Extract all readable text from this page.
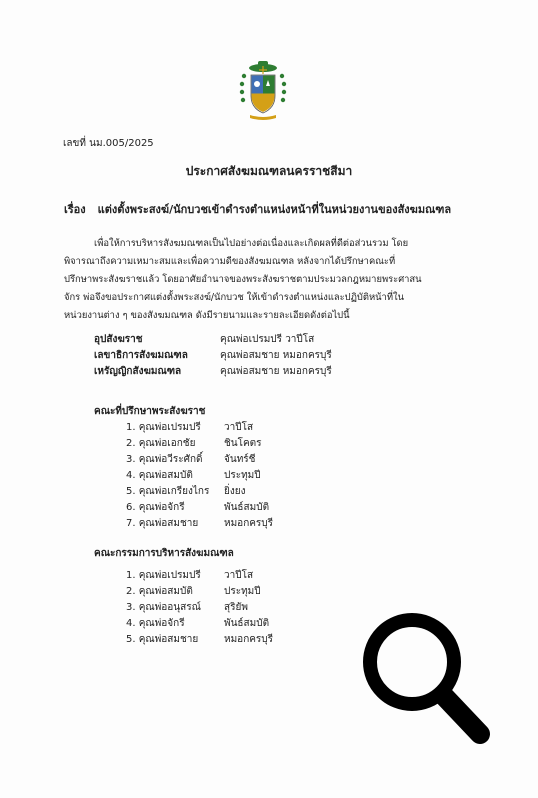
เลขที่ นม.005/2025
ประกาศสังฆมณฑลนครราชสีมา
เรื่อง แต่งตั้งพระสงฆ์/นักบวชเข้าดำรงตำแหน่งหน้าที่ในหน่วยงานของสังฆมณฑล
เพื่อให้การบริหารสังฆมณฑลเป็นไปอย่างต่อเนื่องและเกิดผลที่ดีต่อส่วนรวม โดย
พิจารณาถึงความเหมาะสมและเพื่อความดีของสังฆมณฑล หลังจากได้ปรึกษาคณะที่
ปรึกษาพระสังฆราชแล้ว โดยอาศัยอำนาจของพระสังฆราชตามประมวลกฎหมายพระศาสน
จักร พ่อจึงขอประกาศแต่งตั้งพระสงฆ์/นักบวช ให้เข้าดำรงตำแหน่งและปฏิบัติหน้าที่ใน
หน่วยงานต่าง ๆ ของสังฆมณฑล ดังมีรายนามและรายละเอียดดังต่อไปนี้
อุปสังฆราช	คุณพ่อเปรมปรี วาปีโส
เลขาธิการสังฆมณฑล	คุณพ่อสมชาย หมอกครบุรี
เหรัญญิกสังฆมณฑล	คุณพ่อสมชาย หมอกครบุรี
คณะที่ปรึกษาพระสังฆราช
1. คุณพ่อเปรมปรี วาปีโส
2. คุณพ่อเอกชัย	ชินโคตร
3. คุณพ่อวีระศักดิ์ จันทร์ชี
4. คุณพ่อสมบัติ	ประทุมปี
5. คุณพ่อเกรียงไกร ยิ่งยง
6. คุณพ่อจักรี	พันธ์สมบัติ
7. คุณพ่อสมชาย	หมอกครบุรี
คณะกรรมการบริหารสังฆมณฑล
1. คุณพ่อเปรมปรี วาปีโส
2. คุณพ่อสมบัติ	ประทุมปี
3. คุณพ่ออนุสรณ์ สุริยัพ
4. คุณพ่อจักรี	พันธ์สมบัติ
5. คุณพ่อสมชาย	หมอกครบุรี
